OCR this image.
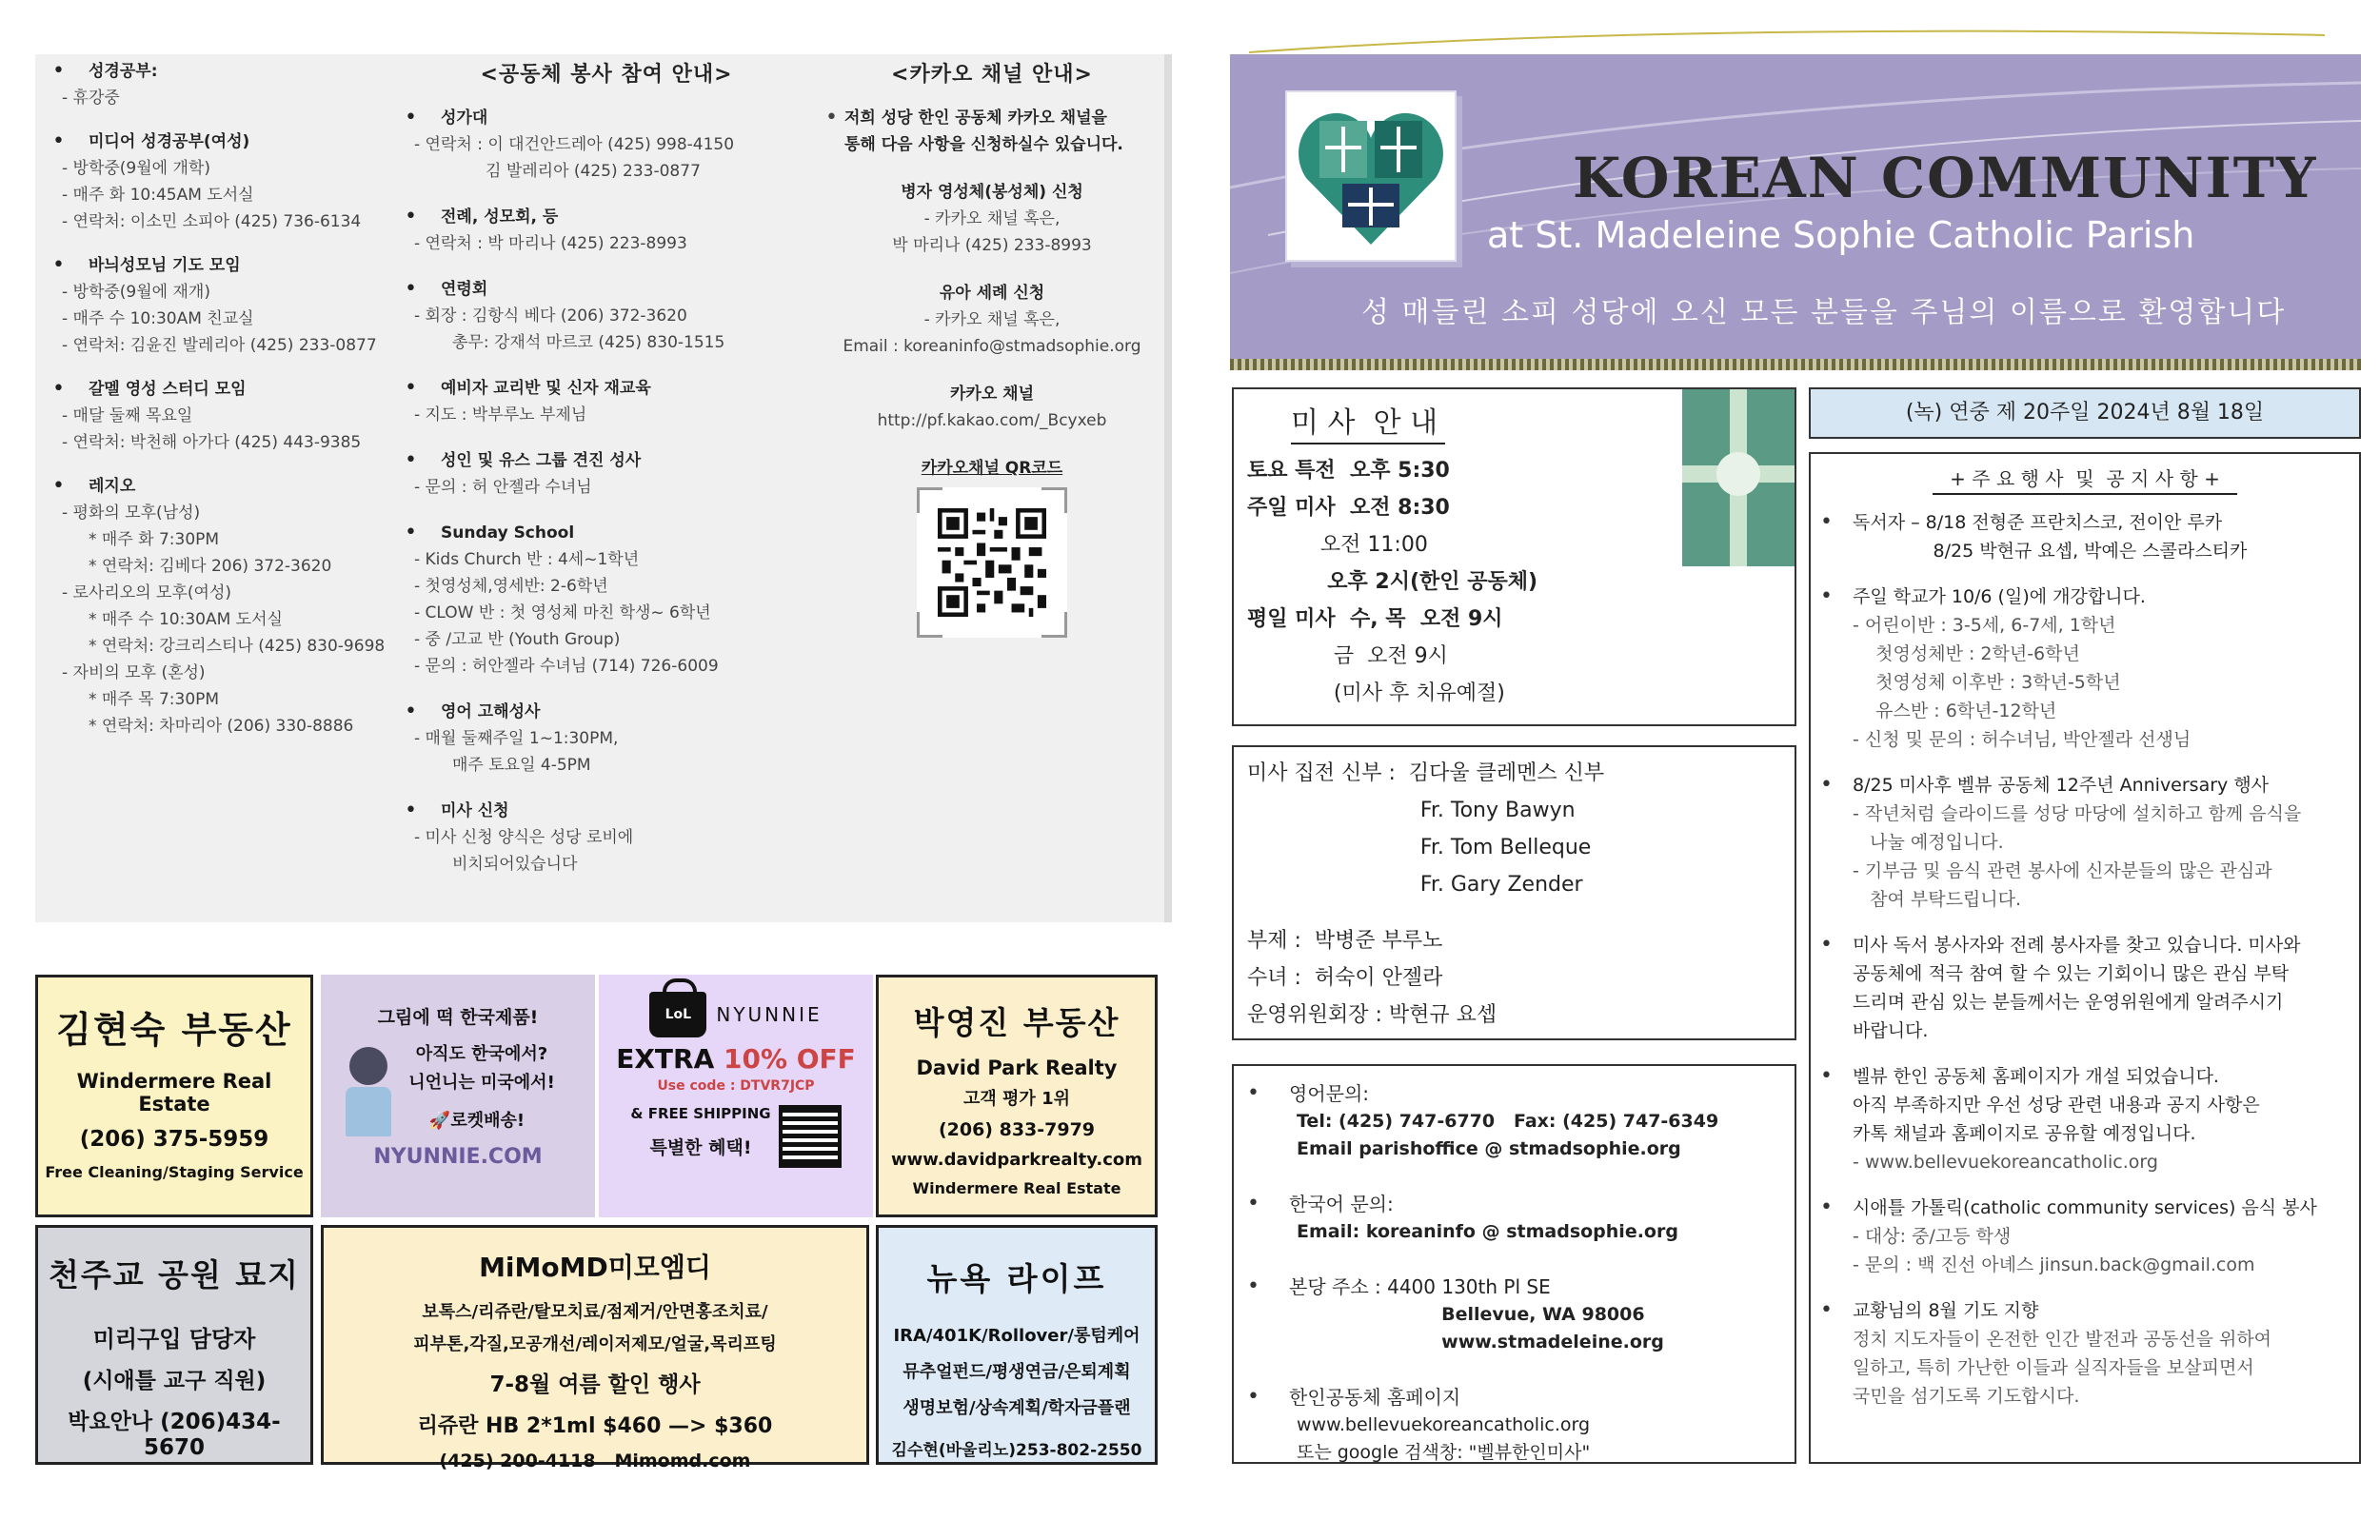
• 성경공부:
- 휴강중
• 미디어 성경공부(여성)
- 방학중(9월에 개학)
- 매주 화 10:45AM 도서실
- 연락처: 이소민 소피아 (425) 736-6134
• 바늬성모님 기도 모임
- 방학중(9월에 재개)
- 매주 수 10:30AM 친교실
- 연락처: 김윤진 발레리아 (425) 233-0877
• 갈멜 영성 스터디 모임
- 매달 둘째 목요일
- 연락처: 박천해 아가다 (425) 443-9385
• 레지오
- 평화의 모후(남성)
* 매주 화 7:30PM
* 연락처: 김베다 206) 372-3620
- 로사리오의 모후(여성)
* 매주 수 10:30AM 도서실
* 연락처: 강크리스티나 (425) 830-9698
- 자비의 모후 (혼성)
* 매주 목 7:30PM
* 연락처: 차마리아 (206) 330-8886
<공동체 봉사 참여 안내>
• 성가대
- 연락처 : 이 대건안드레아 (425) 998-4150
김 발레리아 (425) 233-0877
• 전례, 성모회, 등
- 연락처 : 박 마리나 (425) 223-8993
• 연령회
- 회장 : 김항식 베다 (206) 372-3620
총무: 강재석 마르코 (425) 830-1515
• 예비자 교리반 및 신자 재교육
- 지도 : 박부루노 부제님
• 성인 및 유스 그룹 견진 성사
- 문의 : 허 안젤라 수녀님
• Sunday School
- Kids Church 반 : 4세~1학년
- 첫영성체,영세반: 2-6학년
- CLOW 반 : 첫 영성체 마친 학생~ 6학년
- 중 /고교 반 (Youth Group)
- 문의 : 허안젤라 수녀님 (714) 726-6009
• 영어 고해성사
- 매월 둘째주일 1~1:30PM,
매주 토요일 4-5PM
• 미사 신청
- 미사 신청 양식은 성당 로비에
비치되어있습니다
<카카오 채널 안내>
• 저희 성당 한인 공동체 카카오 채널을
통해 다음 사항을 신청하실수 있습니다.
병자 영성체(봉성체) 신청
- 카카오 채널 혹은,
박 마리나 (425) 233-8993
유아 세례 신청
- 카카오 채널 혹은,
Email : koreaninfo@stmadsophie.org
카카오 채널
http://pf.kakao.com/_Bcyxeb
카카오채널 QR코드
김현숙 부동산
Windermere Real Estate
(206) 375-5959
Free Cleaning/Staging Service
그림에 떡 한국제품!
아직도 한국에서?
니언니는 미국에서!
🚀로켓배송!
NYUNNIE.COM
LoL	NYUNNIE
EXTRA 10% OFF
Use code : DTVR7JCP
& FREE SHIPPING
특별한 혜택!
박영진 부동산
David Park Realty
고객 평가 1위
(206) 833-7979
www.davidparkrealty.com
Windermere Real Estate
천주교 공원 묘지
미리구입 담당자
(시애틀 교구 직원)
박요안나 (206)434-5670
MiMoMD미모엠디
보톡스/리쥬란/탈모치료/점제거/안면홍조치료/
피부톤,각질,모공개선/레이저제모/얼굴,목리프팅
7-8월 여름 할인 행사
리쥬란 HB 2*1ml $460 —> $360
(425) 200-4118   Mimomd.com
뉴욕 라이프
IRA/401K/Rollover/롱텀케어
뮤추얼펀드/평생연금/은퇴계획
생명보험/상속계획/학자금플랜
김수현(바울리노)253-802-2550
KOREAN COMMUNITY
at St. Madeleine Sophie Catholic Parish
성 매들린 소피 성당에 오신 모든 분들을 주님의 이름으로 환영합니다
미 사  안 내
토요 특전  오후 5:30
주일 미사  오전 8:30
오전 11:00
오후 2시(한인 공동체)
평일 미사  수, 목  오전 9시
금  오전 9시
(미사 후 치유예절)
미사 집전 신부 :  김다울 클레멘스 신부
Fr. Tony Bawyn
Fr. Tom Belleque
Fr. Gary Zender
부제 :  박병준 부루노
수녀 :  허숙이 안젤라
운영위원회장 : 박현규 요셉
• 영어문의:
Tel: (425) 747-6770   Fax: (425) 747-6349
Email parishoffice @ stmadsophie.org
• 한국어 문의:
Email: koreaninfo @ stmadsophie.org
• 본당 주소 : 4400 130th Pl SE
Bellevue, WA 98006
www.stmadeleine.org
• 한인공동체 홈페이지
www.bellevuekoreancatholic.org
또는 google 검색창: "벨뷰한인미사"
(녹) 연중 제 20주일 2024년 8월 18일
+ 주 요 행 사  및  공 지 사 항 +
• 독서자 – 8/18 전형준 프란치스코, 전이안 루카
8/25 박현규 요셉, 박예은 스콜라스티카
• 주일 학교가 10/6 (일)에 개강합니다.
- 어린이반 : 3-5세, 6-7세, 1학년
첫영성체반 : 2학년-6학년
첫영성체 이후반 : 3학년-5학년
유스반 : 6학년-12학년
- 신청 및 문의 : 허수녀님, 박안젤라 선생님
• 8/25 미사후 벨뷰 공동체 12주년 Anniversary 행사
- 작년처럼 슬라이드를 성당 마당에 설치하고 함께 음식을
나눌 예정입니다.
- 기부금 및 음식 관련 봉사에 신자분들의 많은 관심과
참여 부탁드립니다.
• 미사 독서 봉사자와 전례 봉사자를 찾고 있습니다. 미사와
공동체에 적극 참여 할 수 있는 기회이니 많은 관심 부탁
드리며 관심 있는 분들께서는 운영위원에게 알려주시기
바랍니다.
• 벨뷰 한인 공동체 홈페이지가 개설 되었습니다.
아직 부족하지만 우선 성당 관련 내용과 공지 사항은
카톡 채널과 홈페이지로 공유할 예정입니다.
- www.bellevuekoreancatholic.org
• 시애틀 가톨릭(catholic community services) 음식 봉사
- 대상: 중/고등 학생
- 문의 : 백 진선 아녜스 jinsun.back@gmail.com
• 교황님의 8월 기도 지향
정치 지도자들이 온전한 인간 발전과 공동선을 위하여
일하고, 특히 가난한 이들과 실직자들을 보살피면서
국민을 섬기도록 기도합시다.
